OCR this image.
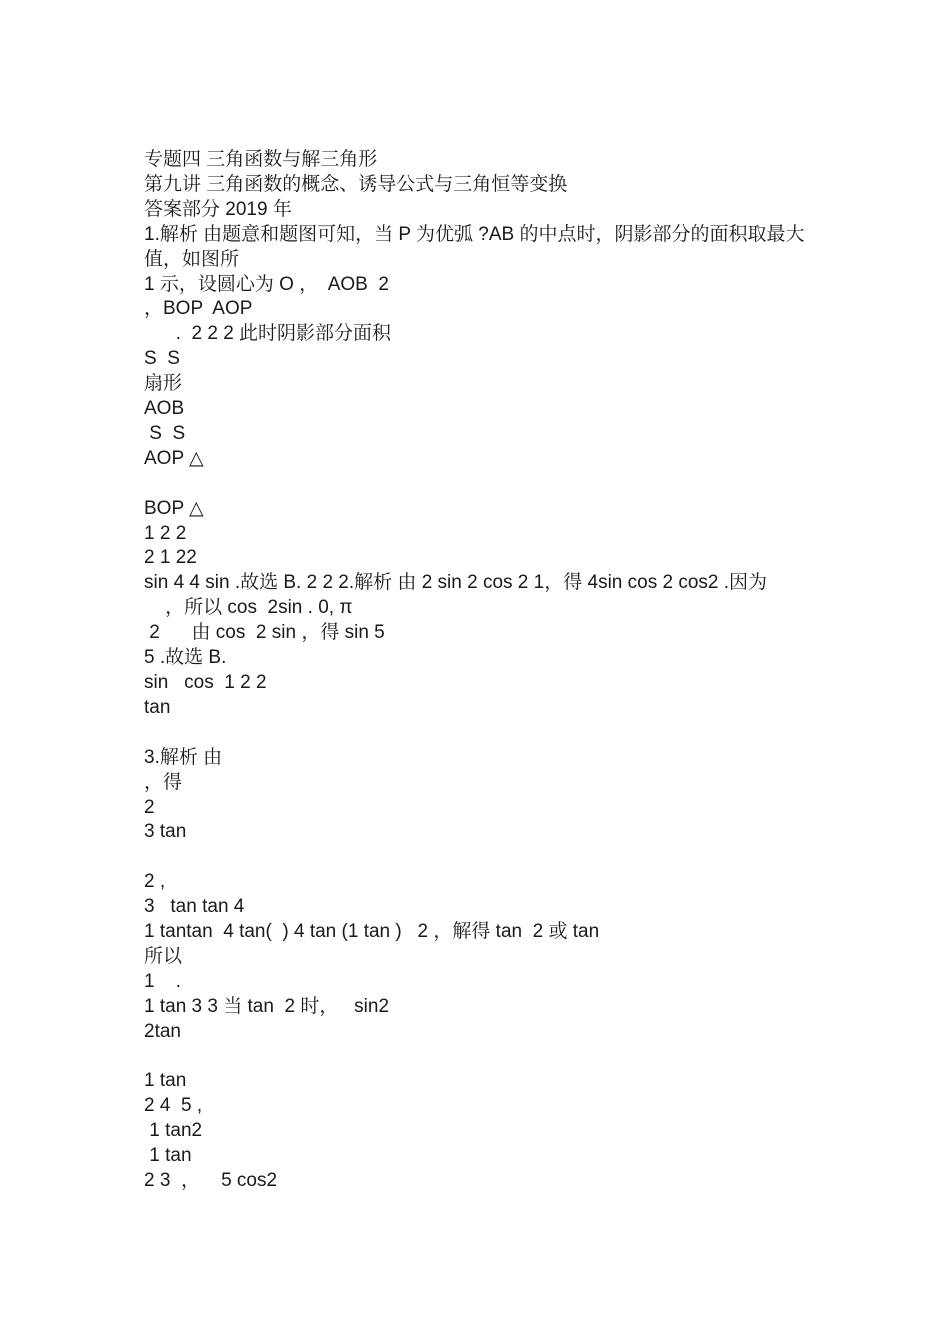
专题四 三角函数与解三角形
第九讲 三角函数的概念、诱导公式与三角恒等变换
答案部分 2019 年
1.解析 由题意和题图可知，当 P 为优弧 ?AB 的中点时，阴影部分的面积取最大值，如图所
1 示，设圆心为 O ，  AOB  2
，BOP  AOP
.  2 2 2 此时阴影部分面积
S  S
扇形
AOB
S  S
AOP △
BOP △
1 2 2
2 1 22
sin 4 4 sin .故选 B. 2 2 2.解析 由 2 sin 2 cos 2 1，得 4sin cos 2 cos2 .因为
，所以 cos  2sin . 0, π
2      由 cos  2 sin ，得 sin 5
5 .故选 B.
sin   cos  1 2 2
tan
3.解析 由
，得
2
3 tan
2 ,
3   tan tan 4
1 tantan  4 tan(  ) 4 tan (1 tan )   2 ，解得 tan  2 或 tan
所以
1    .
1 tan 3 3 当 tan  2 时，   sin2
2tan
1 tan
2 4  5 ,
1 tan2
1 tan
2 3  ，    5 cos2
